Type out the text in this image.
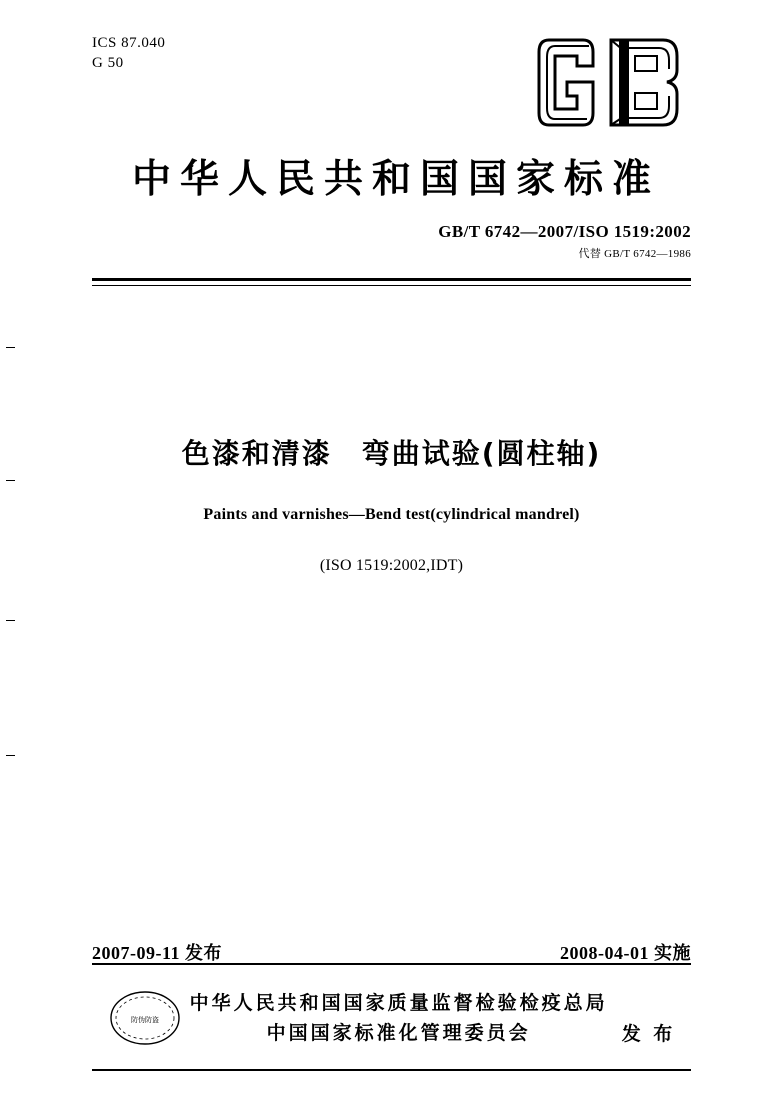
ICS 87.040
G 50
中华人民共和国国家标准
GB/T 6742—2007/ISO 1519:2002
代替 GB/T 6742—1986
色漆和清漆　弯曲试验(圆柱轴)
Paints and varnishes—Bend test(cylindrical mandrel)
(ISO 1519:2002,IDT)
2007-09-11 发布	2008-04-01 实施
防伪防盗
中华人民共和国国家质量监督检验检疫总局
中国国家标准化管理委员会	发 布
